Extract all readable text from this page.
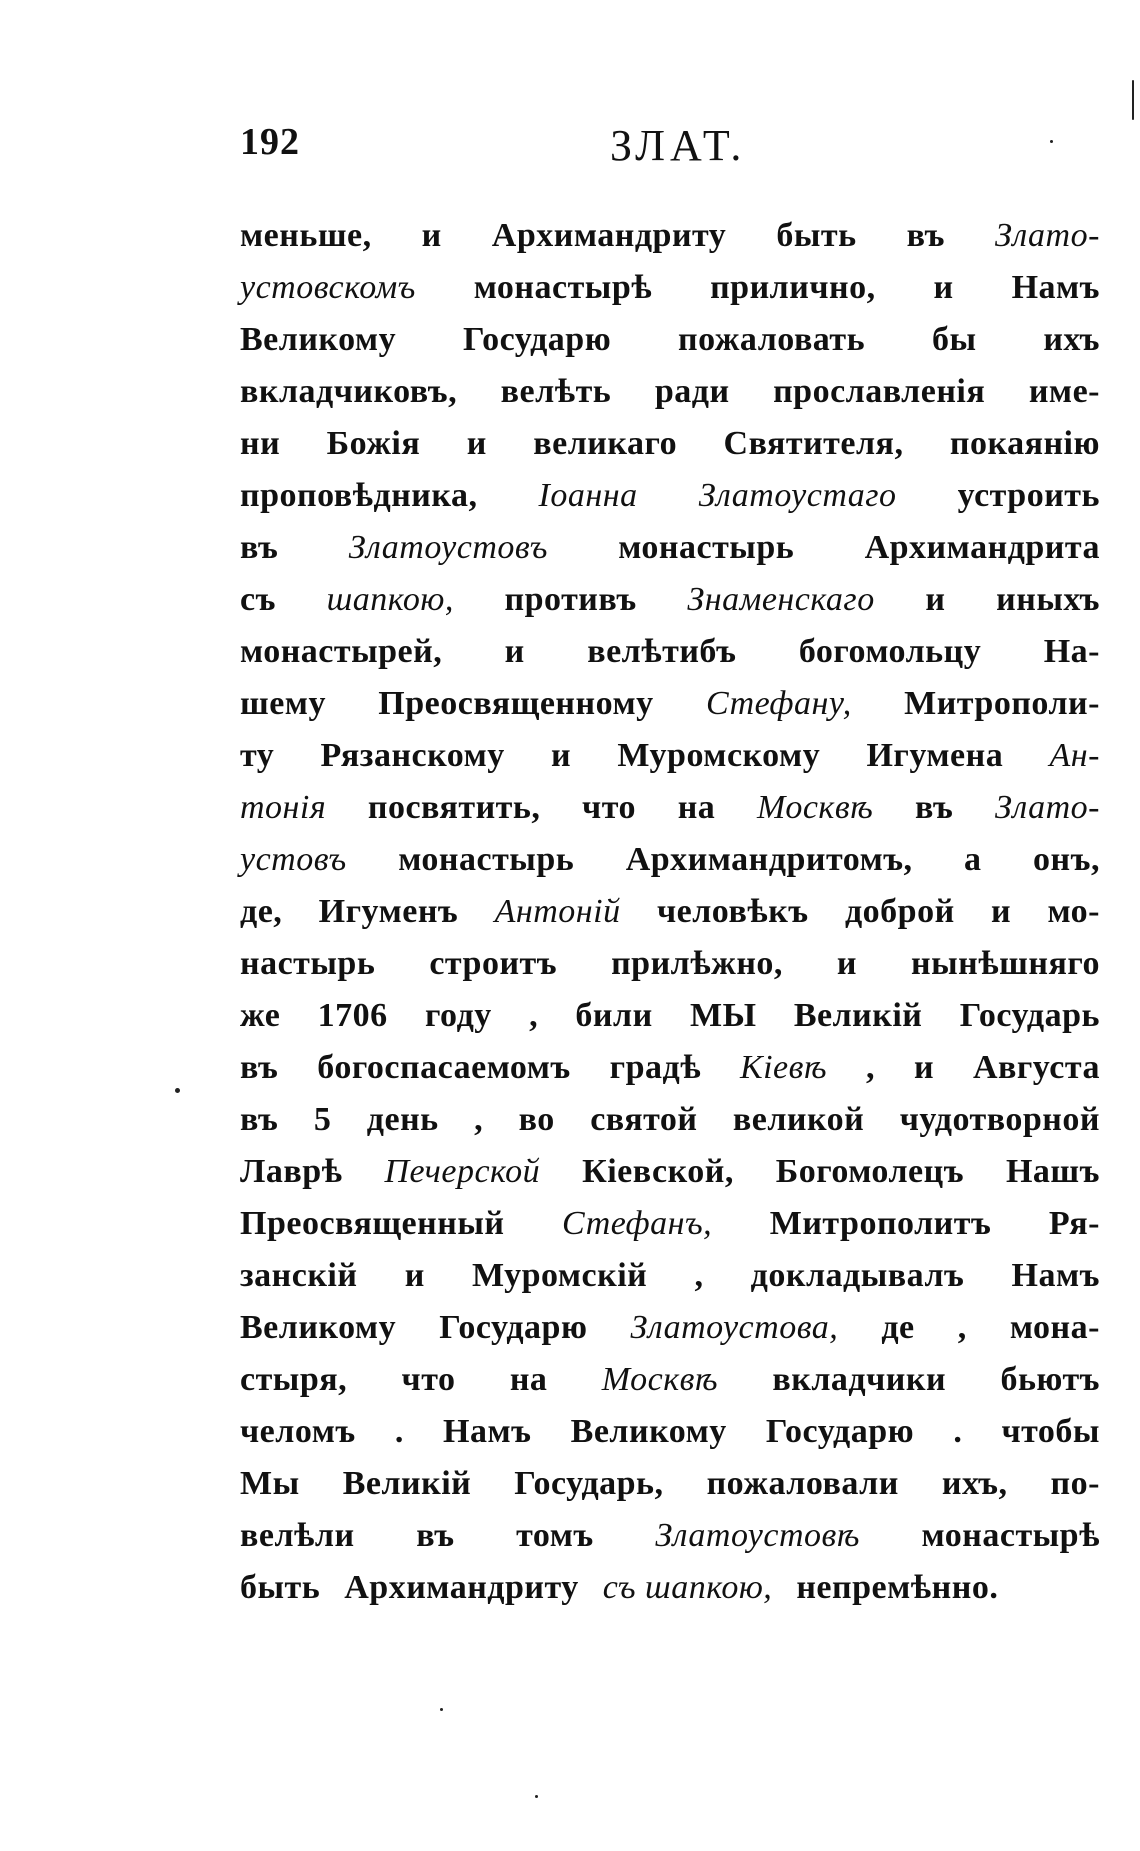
192	ЗЛАТ.
меньше, и Архимандриту быть въ Злато-
устовскомъ монастырѣ прилично, и Намъ
Великому Государю пожаловать бы ихъ
вкладчиковъ, велѣть ради прославленія име-
ни Божія и великаго Святителя, покаянію
проповѣдника, Іоанна Златоустаго устроить
въ Златоустовъ монастырь Архимандрита
съ шапкою, противъ Знаменскаго и иныхъ
монастырей, и велѣтибъ богомольцу На-
шему Преосвященному Стефану, Митрополи-
ту Рязанскому и Муромскому Игумена Ан-
тонія посвятить, что на Москвѣ въ Злато-
устовъ монастырь Архимандритомъ, а онъ,
де, Игуменъ Антоній человѣкъ доброй и мо-
настырь строитъ прилѣжно, и нынѣшняго
же 1706 году , били МЫ Великій Государь
въ богоспасаемомъ градѣ Кіевѣ , и Августа
въ 5 день , во святой великой чудотворной
Лаврѣ Печерской Кіевской, Богомолецъ Нашъ
Преосвященный Стефанъ, Митрополитъ Ря-
занскій и Муромскій , докладывалъ Намъ
Великому Государю Златоустова, де , мона-
стыря, что на Москвѣ вкладчики бьютъ
челомъ . Намъ Великому Государю . чтобы
Мы Великій Государь, пожаловали ихъ, по-
велѣли въ томъ Златоустовѣ монастырѣ
быть Архимандриту съ шапкою, непремѣнно.
